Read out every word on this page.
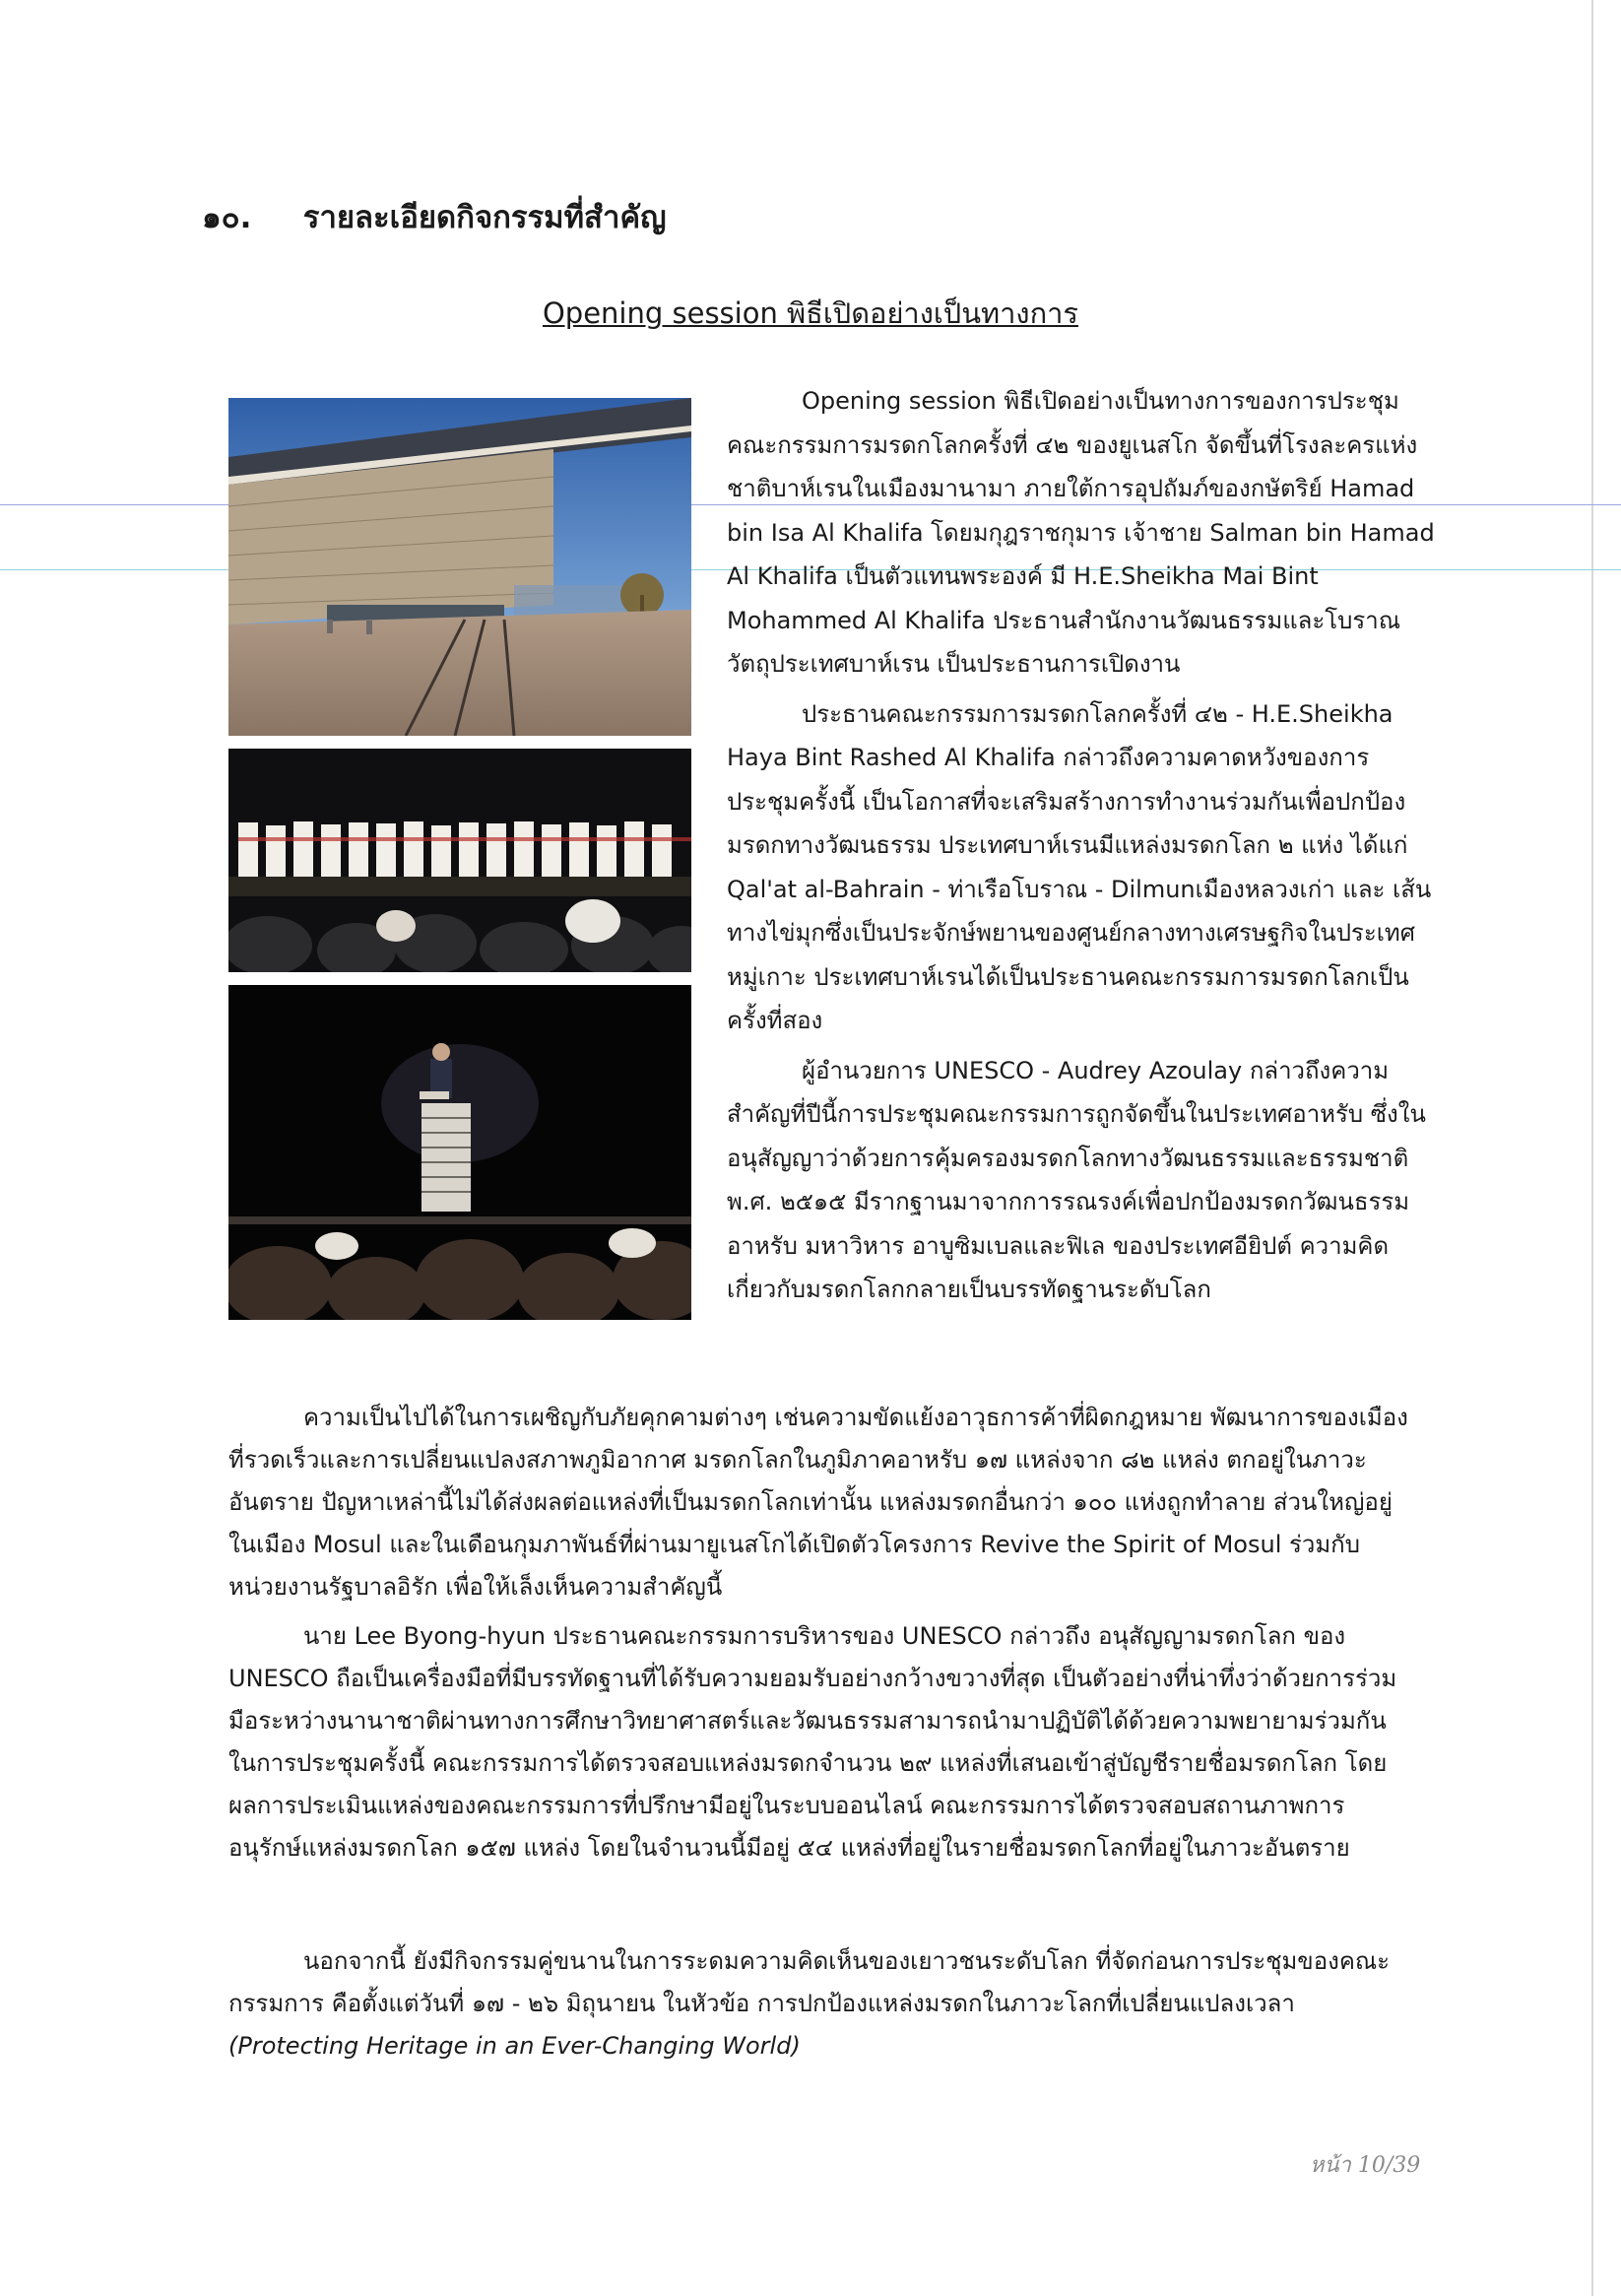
๑๐. รายละเอียดกิจกรรมที่สำคัญ
Opening session พิธีเปิดอย่างเป็นทางการ

Opening session พิธีเปิดอย่างเป็นทางการของการประชุมคณะกรรมการมรดกโลกครั้งที่ ๔๒ ของยูเนสโก จัดขึ้นที่โรงละครแห่งชาติบาห์เรนในเมืองมานามา ภายใต้การอุปถัมภ์ของกษัตริย์ Hamad bin Isa Al Khalifa โดยมกุฎราชกุมาร เจ้าชาย Salman bin Hamad Al Khalifa เป็นตัวแทนพระองค์ มี H.E.Sheikha Mai Bint Mohammed Al Khalifa ประธานสำนักงานวัฒนธรรมและโบราณวัตถุประเทศบาห์เรน เป็นประธานการเปิดงาน

ประธานคณะกรรมการมรดกโลกครั้งที่ ๔๒ - H.E.Sheikha Haya Bint Rashed Al Khalifa กล่าวถึงความคาดหวังของการประชุมครั้งนี้ เป็นโอกาสที่จะเสริมสร้างการทำงานร่วมกันเพื่อปกป้องมรดกทางวัฒนธรรม ประเทศบาห์เรนมีแหล่งมรดกโลก ๒ แห่ง ได้แก่ Qal'at al-Bahrain - ท่าเรือโบราณ - Dilmunเมืองหลวงเก่า และ เส้นทางไข่มุกซึ่งเป็นประจักษ์พยานของศูนย์กลางทางเศรษฐกิจในประเทศหมู่เกาะ ประเทศบาห์เรนได้เป็นประธานคณะกรรมการมรดกโลกเป็นครั้งที่สอง

ผู้อำนวยการ UNESCO - Audrey Azoulay กล่าวถึงความสำคัญที่ปีนี้การประชุมคณะกรรมการถูกจัดขึ้นในประเทศอาหรับ ซึ่งในอนุสัญญาว่าด้วยการคุ้มครองมรดกโลกทางวัฒนธรรมและธรรมชาติ พ.ศ. ๒๕๑๕ มีรากฐานมาจากการรณรงค์เพื่อปกป้องมรดกวัฒนธรรมอาหรับ มหาวิหาร อาบูซิมเบลและฟิเล ของประเทศอียิปต์ ความคิดเกี่ยวกับมรดกโลกกลายเป็นบรรทัดฐานระดับโลก

ความเป็นไปได้ในการเผชิญกับภัยคุกคามต่างๆ เช่นความขัดแย้งอาวุธการค้าที่ผิดกฎหมาย พัฒนาการของเมืองที่รวดเร็วและการเปลี่ยนแปลงสภาพภูมิอากาศ มรดกโลกในภูมิภาคอาหรับ ๑๗ แหล่งจาก ๘๒ แหล่ง ตกอยู่ในภาวะอันตราย ปัญหาเหล่านี้ไม่ได้ส่งผลต่อแหล่งที่เป็นมรดกโลกเท่านั้น แหล่งมรดกอื่นกว่า ๑๐๐ แห่งถูกทำลาย ส่วนใหญ่อยู่ในเมือง Mosul และในเดือนกุมภาพันธ์ที่ผ่านมายูเนสโกได้เปิดตัวโครงการ Revive the Spirit of Mosul ร่วมกับหน่วยงานรัฐบาลอิรัก เพื่อให้เล็งเห็นความสำคัญนี้

นาย Lee Byong-hyun ประธานคณะกรรมการบริหารของ UNESCO กล่าวถึง อนุสัญญามรดกโลก ของ UNESCO ถือเป็นเครื่องมือที่มีบรรทัดฐานที่ได้รับความยอมรับอย่างกว้างขวางที่สุด เป็นตัวอย่างที่น่าทึ่งว่าด้วยการร่วมมือระหว่างนานาชาติผ่านทางการศึกษาวิทยาศาสตร์และวัฒนธรรมสามารถนำมาปฏิบัติได้ด้วยความพยายามร่วมกัน ในการประชุมครั้งนี้ คณะกรรมการได้ตรวจสอบแหล่งมรดกจำนวน ๒๙ แหล่งที่เสนอเข้าสู่บัญชีรายชื่อมรดกโลก โดยผลการประเมินแหล่งของคณะกรรมการที่ปรึกษามีอยู่ในระบบออนไลน์ คณะกรรมการได้ตรวจสอบสถานภาพการอนุรักษ์แหล่งมรดกโลก ๑๕๗ แหล่ง โดยในจำนวนนี้มีอยู่ ๕๔ แหล่งที่อยู่ในรายชื่อมรดกโลกที่อยู่ในภาวะอันตราย

นอกจากนี้ ยังมีกิจกรรมคู่ขนานในการระดมความคิดเห็นของเยาวชนระดับโลก ที่จัดก่อนการประชุมของคณะกรรมการ คือตั้งแต่วันที่ ๑๗ - ๒๖ มิถุนายน ในหัวข้อ การปกป้องแหล่งมรดกในภาวะโลกที่เปลี่ยนแปลงเวลา

(Protecting Heritage in an Ever-Changing World)
หน้า 10/39
